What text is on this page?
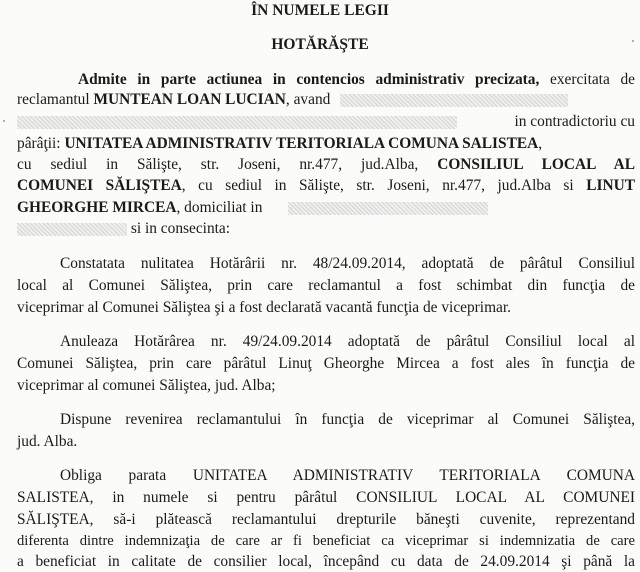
ÎN NUMELE LEGII
HOTĂRĂŞTE
Admite in parte actiunea in contencios administrativ precizata, exercitata de
reclamantul MUNTEAN LOAN LUCIAN, avand
in contradictoriu cu
pârâţii: UNITATEA ADMINISTRATIV TERITORIALA COMUNA SALISTEA,
cu sediul in Sălişte, str. Joseni, nr.477, jud.Alba, CONSILIUL LOCAL AL
COMUNEI SĂLIŞTEA, cu sediul in Sălişte, str. Joseni, nr.477, jud.Alba si LINUT
GHEORGHE MIRCEA, domiciliat in
si in consecinta:
Constatata nulitatea Hotărârii nr. 48/24.09.2014, adoptată de pârâtul Consiliul
local al Comunei Săliştea, prin care reclamantul a fost schimbat din funcţia de
viceprimar al Comunei Săliştea şi a fost declarată vacantă funcţia de viceprimar.
Anuleaza Hotărârea nr. 49/24.09.2014 adoptată de pârâtul Consiliul local al
Comunei Săliştea, prin care pârâtul Linuţ Gheorghe Mircea a fost ales în funcţia de
viceprimar al comunei Săliştea, jud. Alba;
Dispune revenirea reclamantului în funcţia de viceprimar al Comunei Săliştea,
jud. Alba.
Obliga parata UNITATEA ADMINISTRATIV TERITORIALA COMUNA
SALISTEA, in numele si pentru pârâtul CONSILIUL LOCAL AL COMUNEI
SĂLIŞTEA, să-i plătească reclamantului drepturile băneşti cuvenite, reprezentand
diferenta dintre indemnizaţia de care ar fi beneficiat ca viceprimar si indemnizatia de care
a beneficiat in calitate de consilier local, începând cu data de 24.09.2014 şi până la
